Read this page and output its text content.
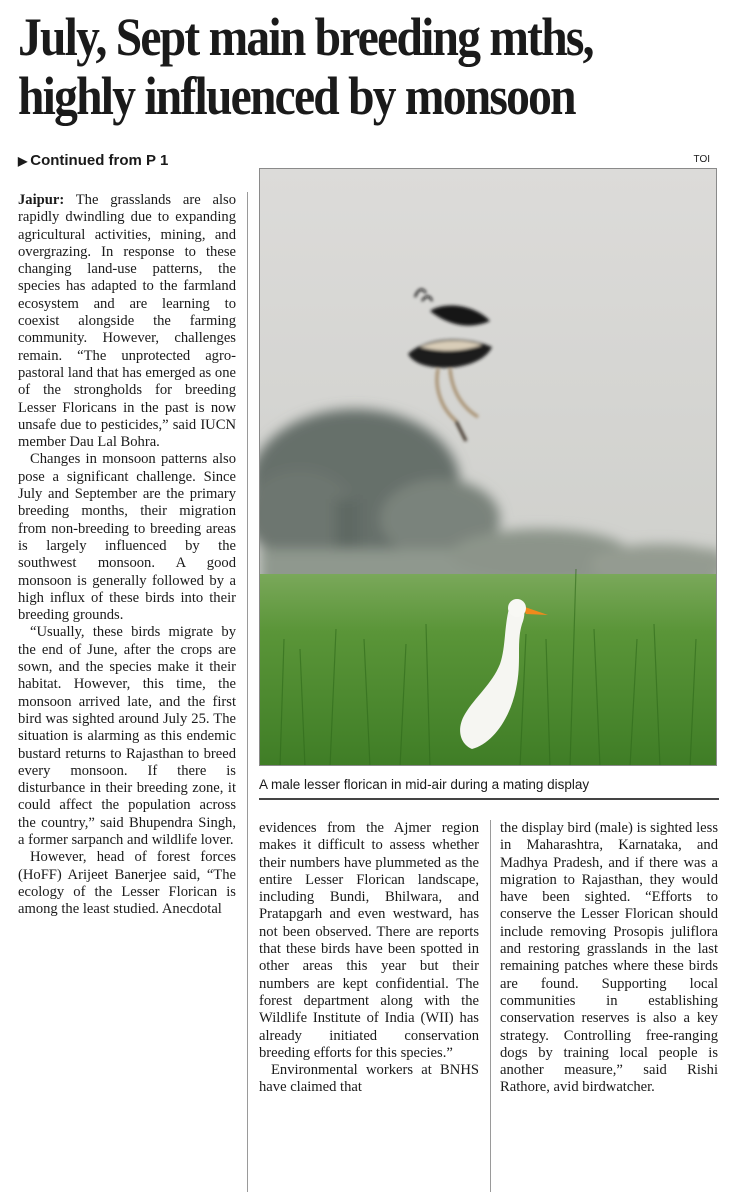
July, Sept main breeding mths,
highly influenced by monsoon
▶ Continued from P 1	TOI
A male lesser florican in mid-air during a mating display

Jaipur: The grasslands are also rapidly dwindling due to expanding agricultural activities, mining, and overgrazing. In response to these changing land-use patterns, the species has adapted to the farmland ecosystem and are learning to coexist alongside the farming community. However, challenges remain. “The unprotected agro-pastoral land that has emerged as one of the strongholds for breeding Lesser Floricans in the past is now unsafe due to pesticides,” said IUCN member Dau Lal Bohra.

Changes in monsoon patterns also pose a significant challenge. Since July and September are the primary breeding months, their migration from non-breeding to breeding areas is largely influenced by the southwest monsoon. A good monsoon is generally followed by a high influx of these birds into their breeding grounds.

“Usually, these birds migrate by the end of June, after the crops are sown, and the species make it their habitat. However, this time, the monsoon arrived late, and the first bird was sighted around July 25. The situation is alarming as this endemic bustard returns to Rajasthan to breed every monsoon. If there is disturbance in their breeding zone, it could affect the population across the country,” said Bhupendra Singh, a former sarpanch and wildlife lover.

However, head of forest forces (HoFF) Arijeet Banerjee said, “The ecology of the Lesser Florican is among the least studied. Anecdotal

evidences from the Ajmer region makes it difficult to assess whether their numbers have plummeted as the entire Lesser Florican landscape, including Bundi, Bhilwara, and Pratapgarh and even westward, has not been observed. There are reports that these birds have been spotted in other areas this year but their numbers are kept confidential. The forest department along with the Wildlife Institute of India (WII) has already initiated conservation breeding efforts for this species.”

Environmental workers at BNHS have claimed that

the display bird (male) is sighted less in Maharashtra, Karnataka, and Madhya Pradesh, and if there was a migration to Rajasthan, they would have been sighted. “Efforts to conserve the Lesser Florican should include removing Prosopis juliflora and restoring grasslands in the last remaining patches where these birds are found. Supporting local communities in establishing conservation reserves is also a key strategy. Controlling free-ranging dogs by training local people is another measure,” said Rishi Rathore, avid birdwatcher.
